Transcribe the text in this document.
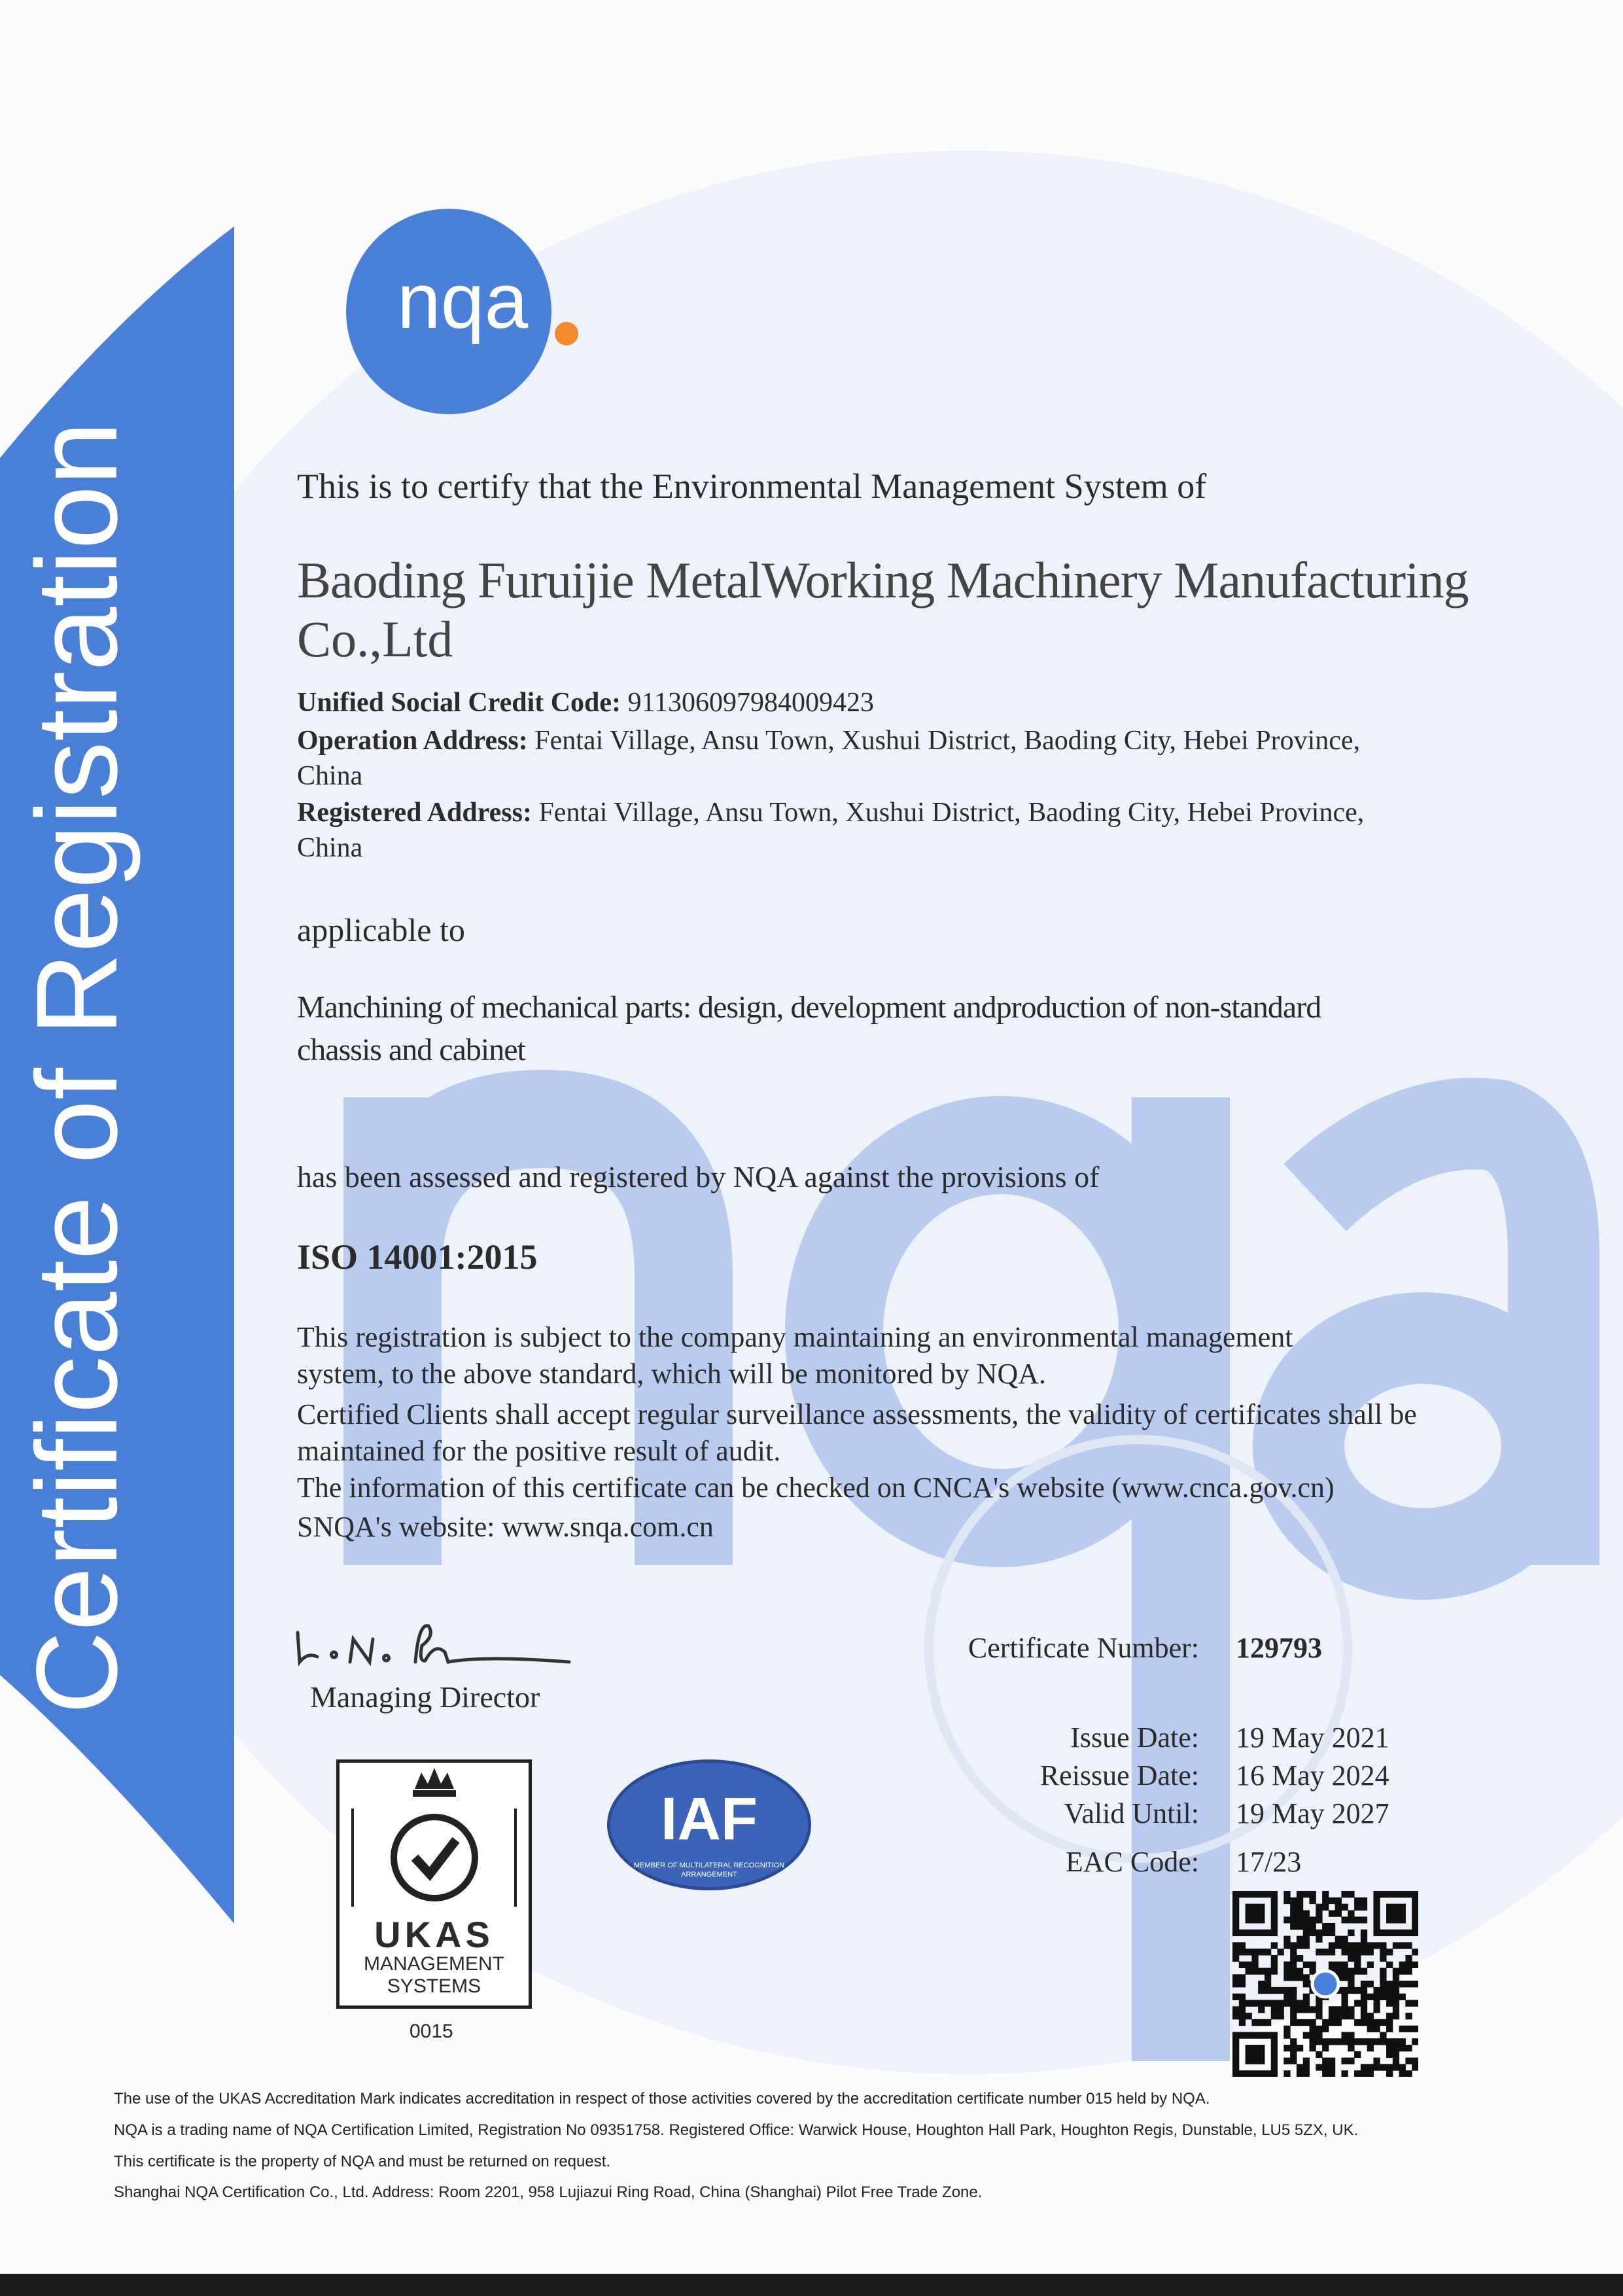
Certificate of Registration
nqa
This is to certify that the Environmental Management System of
Baoding Furuijie MetalWorking Machinery Manufacturing
Co.,Ltd
Unified Social Credit Code: 911306097984009423
Operation Address: Fentai Village, Ansu Town, Xushui District, Baoding City, Hebei Province,
China
Registered Address: Fentai Village, Ansu Town, Xushui District, Baoding City, Hebei Province,
China
applicable to
Manchining of mechanical parts: design, development andproduction of non-standard
chassis and cabinet
has been assessed and registered by NQA against the provisions of
ISO 14001:2015
This registration is subject to the company maintaining an environmental management
system, to the above standard, which will be monitored by NQA.
Certified Clients shall accept regular surveillance assessments, the validity of certificates shall be
maintained for the positive result of audit.
The information of this certificate can be checked on CNCA's website (www.cnca.gov.cn)
SNQA's website: www.snqa.com.cn
Managing Director
Certificate Number: 129793
Issue Date: 19 May 2021
Reissue Date: 16 May 2024
Valid Until: 19 May 2027
EAC Code: 17/23
UKAS
MANAGEMENT
SYSTEMS
0015
IAF
MEMBER OF MULTILATERAL RECOGNITION ARRANGEMENT
The use of the UKAS Accreditation Mark indicates accreditation in respect of those activities covered by the accreditation certificate number 015 held by NQA.
NQA is a trading name of NQA Certification Limited, Registration No 09351758. Registered Office: Warwick House, Houghton Hall Park, Houghton Regis, Dunstable, LU5 5ZX, UK.
This certificate is the property of NQA and must be returned on request.
Shanghai NQA Certification Co., Ltd. Address: Room 2201, 958 Lujiazui Ring Road, China (Shanghai) Pilot Free Trade Zone.
